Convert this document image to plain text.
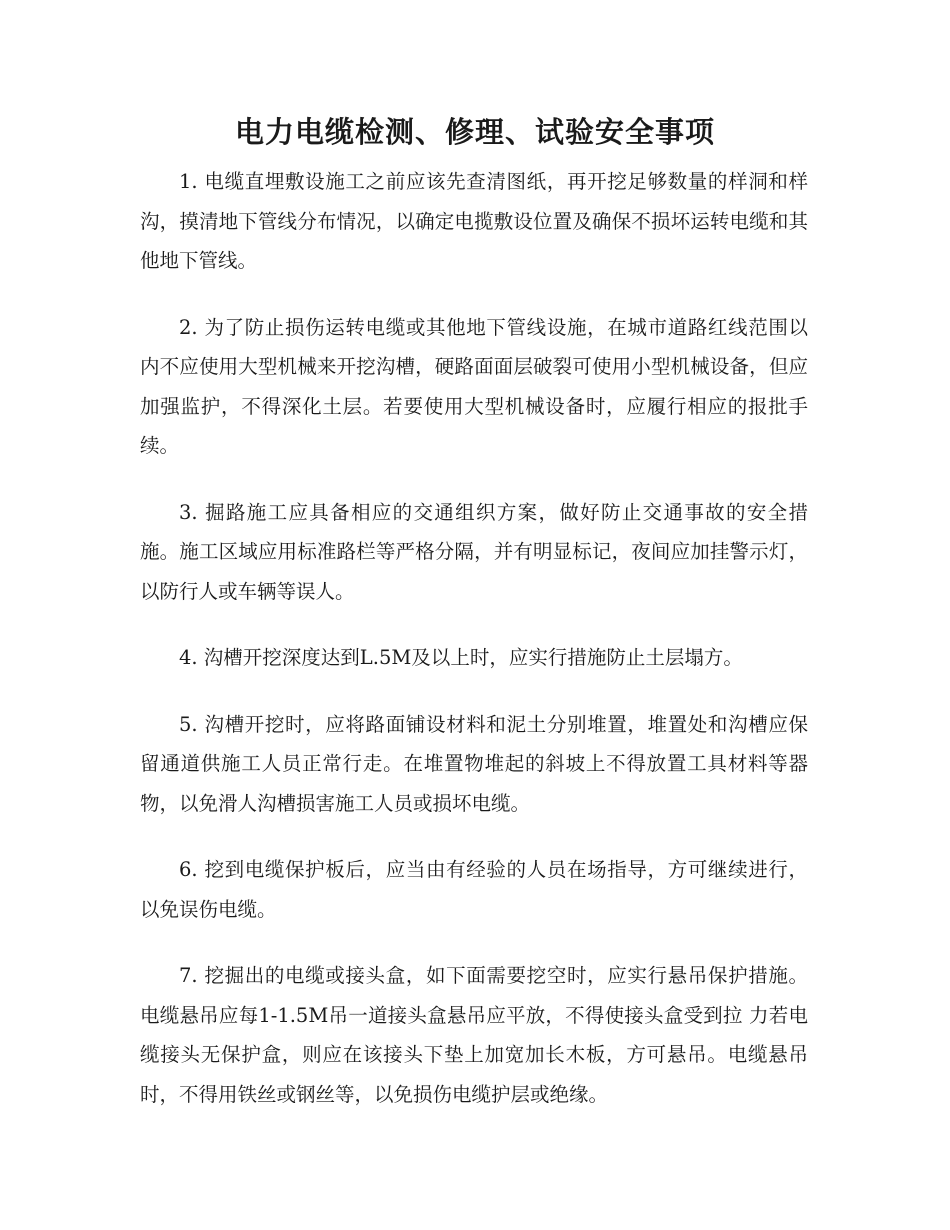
电力电缆检测、修理、试验安全事项

1. 电缆直埋敷设施工之前应该先查清图纸，再开挖足够数量的样洞和样沟，摸清地下管线分布情况，以确定电揽敷设位置及确保不损坏运转电缆和其他地下管线。

2. 为了防止损伤运转电缆或其他地下管线设施，在城市道路红线范围以内不应使用大型机械来开挖沟槽，硬路面面层破裂可使用小型机械设备，但应加强监护，不得深化土层。若要使用大型机械设备时，应履行相应的报批手续。

3. 掘路施工应具备相应的交通组织方案，做好防止交通事故的安全措施。施工区域应用标准路栏等严格分隔，并有明显标记，夜间应加挂警示灯，以防行人或车辆等误人。

4. 沟槽开挖深度达到L.5M及以上时，应实行措施防止土层塌方。

5. 沟槽开挖时，应将路面铺设材料和泥土分别堆置，堆置处和沟槽应保留通道供施工人员正常行走。在堆置物堆起的斜坡上不得放置工具材料等器物，以免滑人沟槽损害施工人员或损坏电缆。

6. 挖到电缆保护板后，应当由有经验的人员在场指导，方可继续进行，以免误伤电缆。

7. 挖掘出的电缆或接头盒，如下面需要挖空时，应实行悬吊保护措施。电缆悬吊应每1-1.5M吊一道接头盒悬吊应平放，不得使接头盒受到拉 力若电缆接头无保护盒，则应在该接头下垫上加宽加长木板，方可悬吊。电缆悬吊时，不得用铁丝或钢丝等，以免损伤电缆护层或绝缘。
